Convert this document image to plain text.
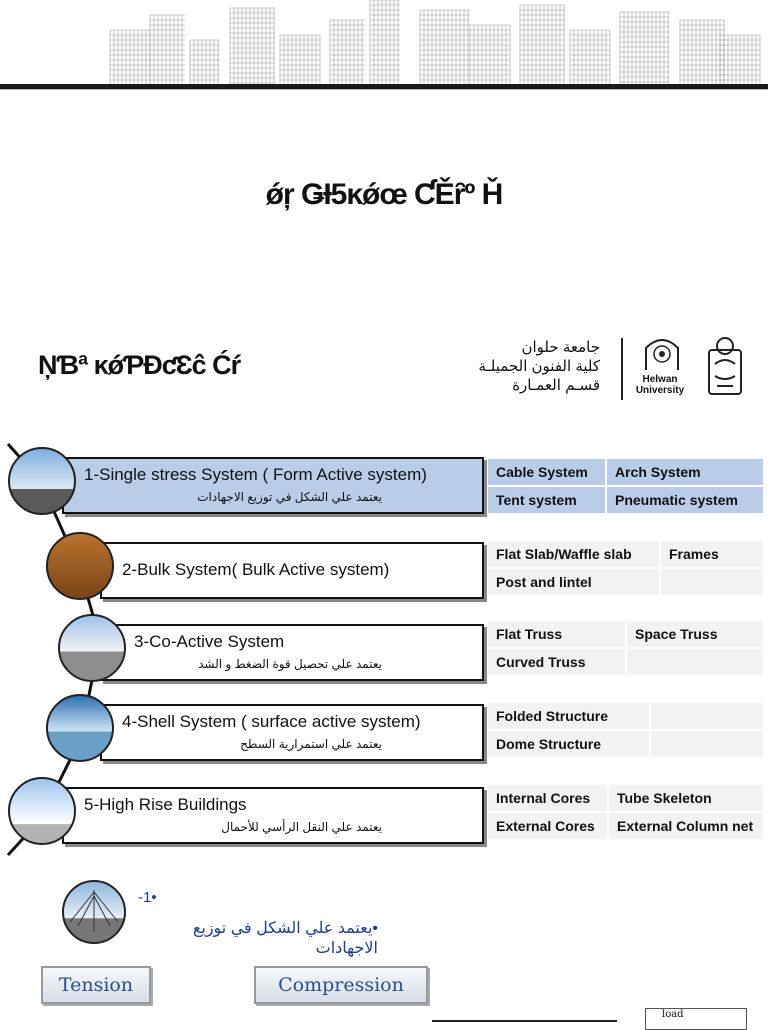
ǿŗ ǤƗ5ĸǿœ ƇĚȓº Ȟ
ŅƁª ĸǿƤƉƈƐĉ Ćŕ
جامعة حلوان
كلية الفنون الجميلـة
قسـم العمـارة	Helwan
University
1-Single stress System ( Form Active system)
يعتمد علي الشكل في توزيع الاجهادات
2-Bulk System( Bulk Active system)
3-Co-Active System
يعتمد علي تحصيل قوة الضغط و الشد
4-Shell System ( surface active system)
يعتمد علي استمرارية السطح
5-High Rise Buildings
يعتمد علي النقل الرأسي للأحمال
Cable System	Arch System
Tent system	Pneumatic system
Flat Slab/Waffle slab	Frames
Post and lintel
Flat Truss	Space Truss
Curved Truss
Folded Structure
Dome Structure
Internal Cores	Tube Skeleton
External Cores	External Column net
-1•
•يعتمد علي الشكل في توزيع الاجهادات
Tension	Compression
load
